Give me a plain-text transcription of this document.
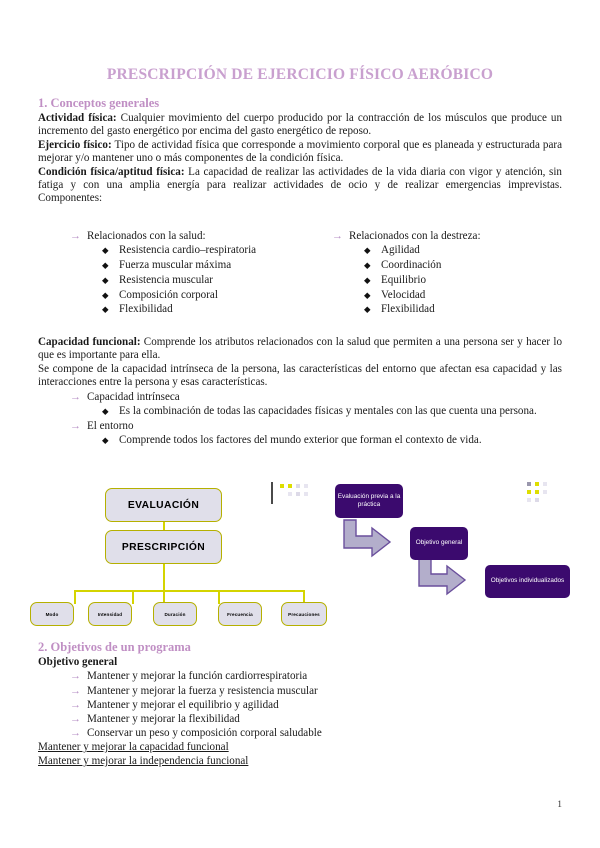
PRESCRIPCIÓN DE EJERCICIO FÍSICO AERÓBICO
1. Conceptos generales

Actividad física: Cualquier movimiento del cuerpo producido por la contracción de los músculos que produce un incremento del gasto energético por encima del gasto energético de reposo.

Ejercicio físico: Tipo de actividad física que corresponde a movimiento corporal que es planeada y estructurada para mejorar y/o mantener uno o más componentes de la condición física.

Condición física/aptitud física: La capacidad de realizar las actividades de la vida diaria con vigor y atención, sin fatiga y con una amplia energía para realizar actividades de ocio y de realizar emergencias imprevistas. Componentes:

→ Relacionados con la salud:
◆ Resistencia cardio–respiratoria
◆ Fuerza muscular máxima
◆ Resistencia muscular
◆ Composición corporal
◆ Flexibilidad
→ Relacionados con la destreza:
◆ Agilidad
◆ Coordinación
◆ Equilibrio
◆ Velocidad
◆ Flexibilidad

Capacidad funcional: Comprende los atributos relacionados con la salud que permiten a una persona ser y hacer lo que es importante para ella.

Se compone de la capacidad intrínseca de la persona, las características del entorno que afectan esa capacidad y las interacciones entre la persona y esas características.

→ Capacidad intrínseca
◆ Es la combinación de todas las capacidades físicas y mentales con las que cuenta una persona.
→ El entorno
◆ Comprende todos los factores del mundo exterior que forman el contexto de vida.
EVALUACIÓN
PRESCRIPCIÓN
Modo	Intensidad	Duración	Frecuencia	Precauciones
Evaluación previa a la práctica
Objetivo general
Objetivos individualizados
2. Objetivos de un programa

Objetivo general

→ Mantener y mejorar la función cardiorrespiratoria
→ Mantener y mejorar la fuerza y resistencia muscular
→ Mantener y mejorar el equilibrio y agilidad
→ Mantener y mejorar la flexibilidad
→ Conservar un peso y composición corporal saludable
Mantener y mejorar la capacidad funcional
Mantener y mejorar la independencia funcional
1
